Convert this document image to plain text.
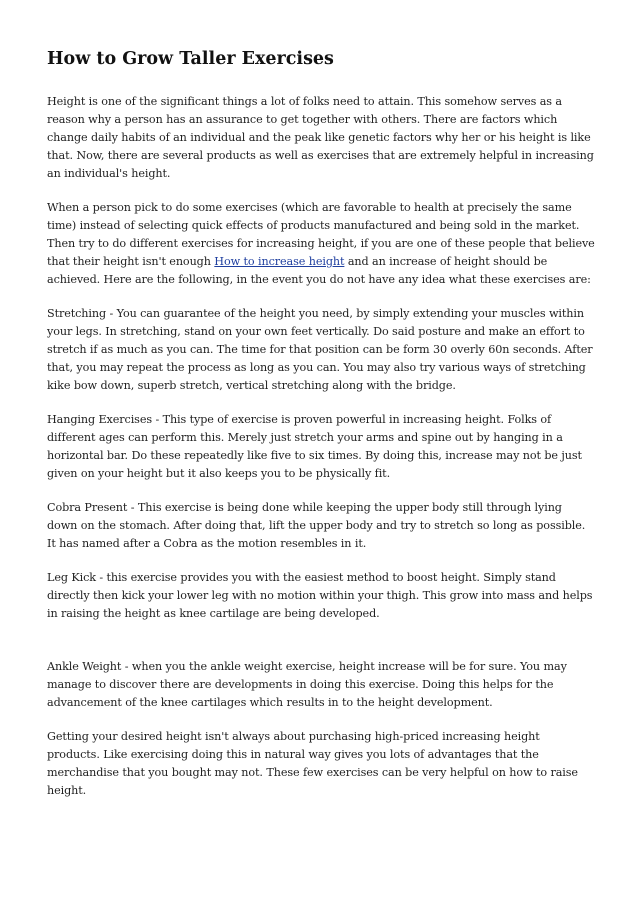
How to Grow Taller Exercises

Height is one of the significant things a lot of folks need to attain. This somehow serves as a reason why a person has an assurance to get together with others. There are factors which change daily habits of an individual and the peak like genetic factors why her or his height is like that. Now, there are several products as well as exercises that are extremely helpful in increasing an individual's height.

When a person pick to do some exercises (which are favorable to health at precisely the same time) instead of selecting quick effects of products manufactured and being sold in the market. Then try to do different exercises for increasing height, if you are one of these people that believe that their height isn't enough How to increase height and an increase of height should be achieved. Here are the following, in the event you do not have any idea what these exercises are:

Stretching - You can guarantee of the height you need, by simply extending your muscles within your legs. In stretching, stand on your own feet vertically. Do said posture and make an effort to stretch if as much as you can. The time for that position can be form 30 overly 60n seconds. After that, you may repeat the process as long as you can. You may also try various ways of stretching kike bow down, superb stretch, vertical stretching along with the bridge.

Hanging Exercises - This type of exercise is proven powerful in increasing height. Folks of different ages can perform this. Merely just stretch your arms and spine out by hanging in a horizontal bar. Do these repeatedly like five to six times. By doing this, increase may not be just given on your height but it also keeps you to be physically fit.

Cobra Present - This exercise is being done while keeping the upper body still through lying down on the stomach. After doing that, lift the upper body and try to stretch so long as possible. It has named after a Cobra as the motion resembles in it.

Leg Kick - this exercise provides you with the easiest method to boost height. Simply stand directly then kick your lower leg with no motion within your thigh. This grow into mass and helps in raising the height as knee cartilage are being developed.

Ankle Weight - when you the ankle weight exercise, height increase will be for sure. You may manage to discover there are developments in doing this exercise. Doing this helps for the advancement of the knee cartilages which results in to the height development.

Getting your desired height isn't always about purchasing high-priced increasing height products. Like exercising doing this in natural way gives you lots of advantages that the merchandise that you bought may not. These few exercises can be very helpful on how to raise height.
